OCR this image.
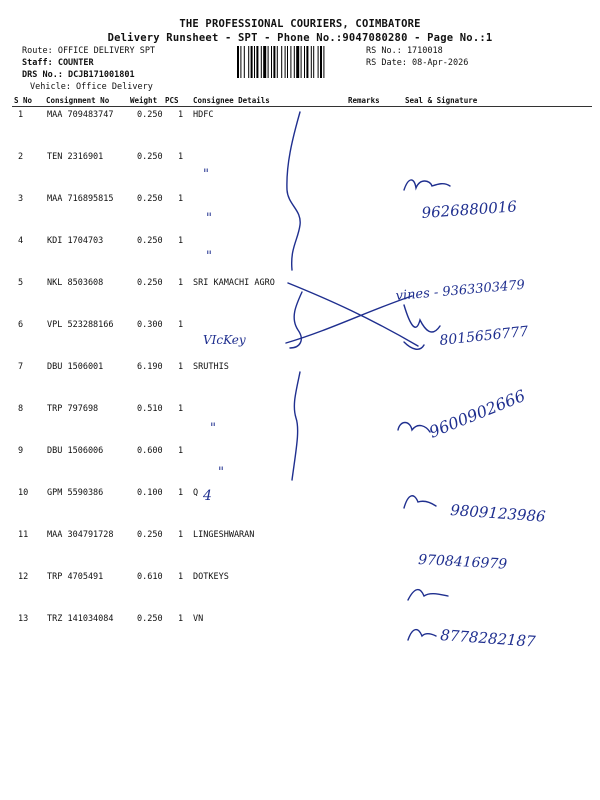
THE PROFESSIONAL COURIERS, COIMBATORE
Delivery Runsheet - SPT - Phone No.:9047080280 - Page No.:1
Route: OFFICE DELIVERY SPT
Staff: COUNTER
DRS No.: DCJB171001801
Vehicle: Office Delivery
RS No.: 1710018
RS Date: 08-Apr-2026
S No Consignment No	Weight PCS Consignee Details	Remarks	Seal & Signature
1	MAA 709483747	0.250 1 HDFC
2	TEN 2316901	0.250 1
3	MAA 716895815	0.250 1
4	KDI 1704703	0.250 1
5	NKL 8503608	0.250 1 SRI KAMACHI AGRO
6	VPL 523288166	0.300 1
7	DBU 1506001	6.190 1 SRUTHIS
8	TRP 797698	0.510 1
9	DBU 1506006	0.600 1
10 GPM 5590386	0.100 1 Q
11 MAA 304791728	0.250 1 LINGESHWARAN
12 TRP 4705491	0.610 1 DOTKEYS
13 TRZ 141034084	0.250 1 VN
"
"
"
"
"
VIcKey
4
9626880016
vines - 9363303479
8015656777
9600902666
9809123986
9708416979
8778282187
